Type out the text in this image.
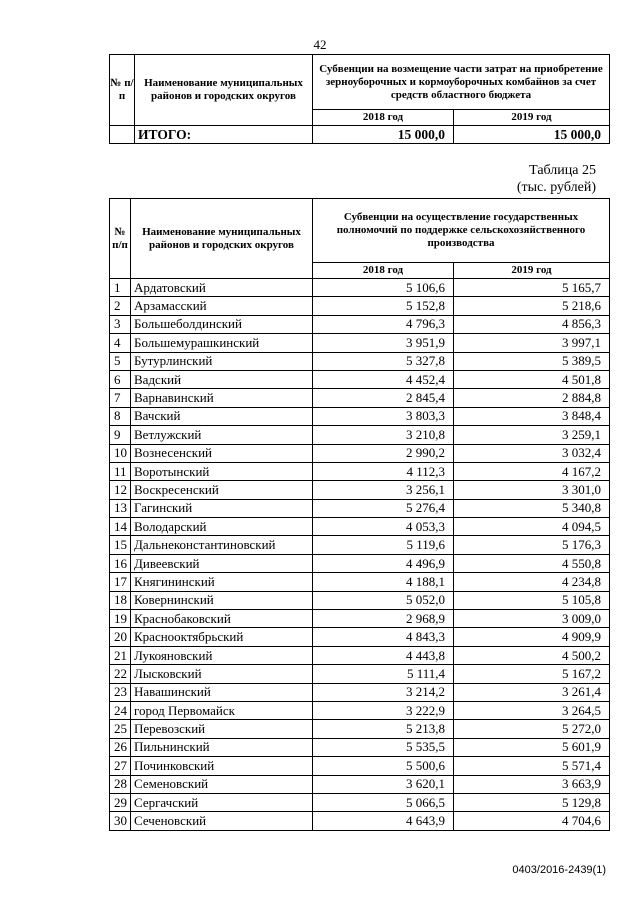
42
№ п/п	Наименование муниципальных районов и городских округов	Субвенции на возмещение части затрат на приобретение зерноуборочных и кормоуборочных комбайнов за счет средств областного бюджета	
		2018 год	2019 год
	ИТОГО:	15 000,0	15 000,0
Таблица 25
(тыс. рублей)
№ п/п	Наименование муниципальных районов и городских округов	Субвенции на осуществление государственных полномочий по поддержке сельскохозяйственного производства	
		2018 год	2019 год
1	Ардатовский	5 106,6	5 165,7
2	Арзамасский	5 152,8	5 218,6
3	Большеболдинский	4 796,3	4 856,3
4	Большемурашкинский	3 951,9	3 997,1
5	Бутурлинский	5 327,8	5 389,5
6	Вадский	4 452,4	4 501,8
7	Варнавинский	2 845,4	2 884,8
8	Вачский	3 803,3	3 848,4
9	Ветлужский	3 210,8	3 259,1
10	Вознесенский	2 990,2	3 032,4
11	Воротынский	4 112,3	4 167,2
12	Воскресенский	3 256,1	3 301,0
13	Гагинский	5 276,4	5 340,8
14	Володарский	4 053,3	4 094,5
15	Дальнеконстантиновский	5 119,6	5 176,3
16	Дивеевский	4 496,9	4 550,8
17	Княгининский	4 188,1	4 234,8
18	Ковернинский	5 052,0	5 105,8
19	Краснобаковский	2 968,9	3 009,0
20	Краснооктябрьский	4 843,3	4 909,9
21	Лукояновский	4 443,8	4 500,2
22	Лысковский	5 111,4	5 167,2
23	Навашинский	3 214,2	3 261,4
24	город Первомайск	3 222,9	3 264,5
25	Перевозский	5 213,8	5 272,0
26	Пильнинский	5 535,5	5 601,9
27	Починковский	5 500,6	5 571,4
28	Семеновский	3 620,1	3 663,9
29	Сергачский	5 066,5	5 129,8
30	Сеченовский	4 643,9	4 704,6
0403/2016-2439(1)
